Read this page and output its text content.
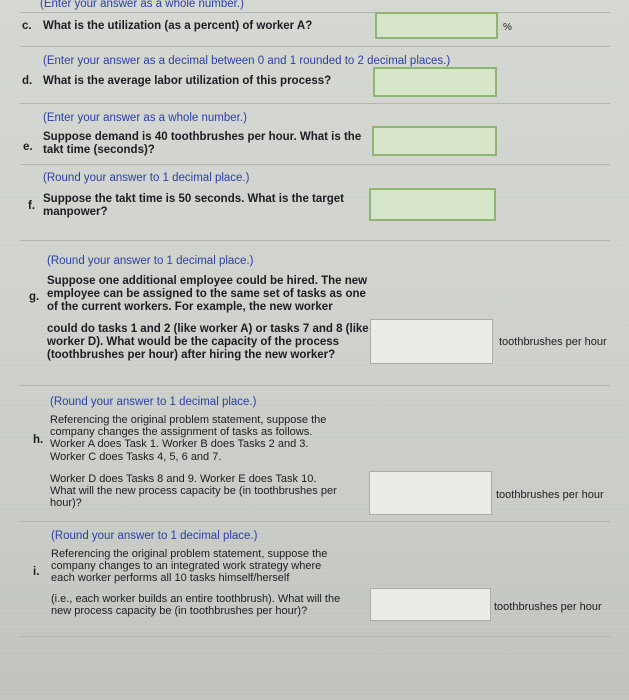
(Enter your answer as a whole number.)
c. What is the utilization (as a percent) of worker A?	%
(Enter your answer as a decimal between 0 and 1 rounded to 2 decimal places.)
d. What is the average labor utilization of this process?
(Enter your answer as a whole number.)
e.
Suppose demand is 40 toothbrushes per hour. What is the
takt time (seconds)?
(Round your answer to 1 decimal place.)
f.
Suppose the takt time is 50 seconds. What is the target
manpower?
(Round your answer to 1 decimal place.)
g.
Suppose one additional employee could be hired. The new
employee can be assigned to the same set of tasks as one
of the current workers. For example, the new worker
could do tasks 1 and 2 (like worker A) or tasks 7 and 8 (like
worker D). What would be the capacity of the process
(toothbrushes per hour) after hiring the new worker?
toothbrushes per hour
(Round your answer to 1 decimal place.)
h.
Referencing the original problem statement, suppose the
company changes the assignment of tasks as follows.
Worker A does Task 1. Worker B does Tasks 2 and 3.
Worker C does Tasks 4, 5, 6 and 7.
Worker D does Tasks 8 and 9. Worker E does Task 10.
What will the new process capacity be (in toothbrushes per
hour)?
toothbrushes per hour
(Round your answer to 1 decimal place.)
i.
Referencing the original problem statement, suppose the
company changes to an integrated work strategy where
each worker performs all 10 tasks himself/herself
(i.e., each worker builds an entire toothbrush). What will the
new process capacity be (in toothbrushes per hour)?	toothbrushes per hour
